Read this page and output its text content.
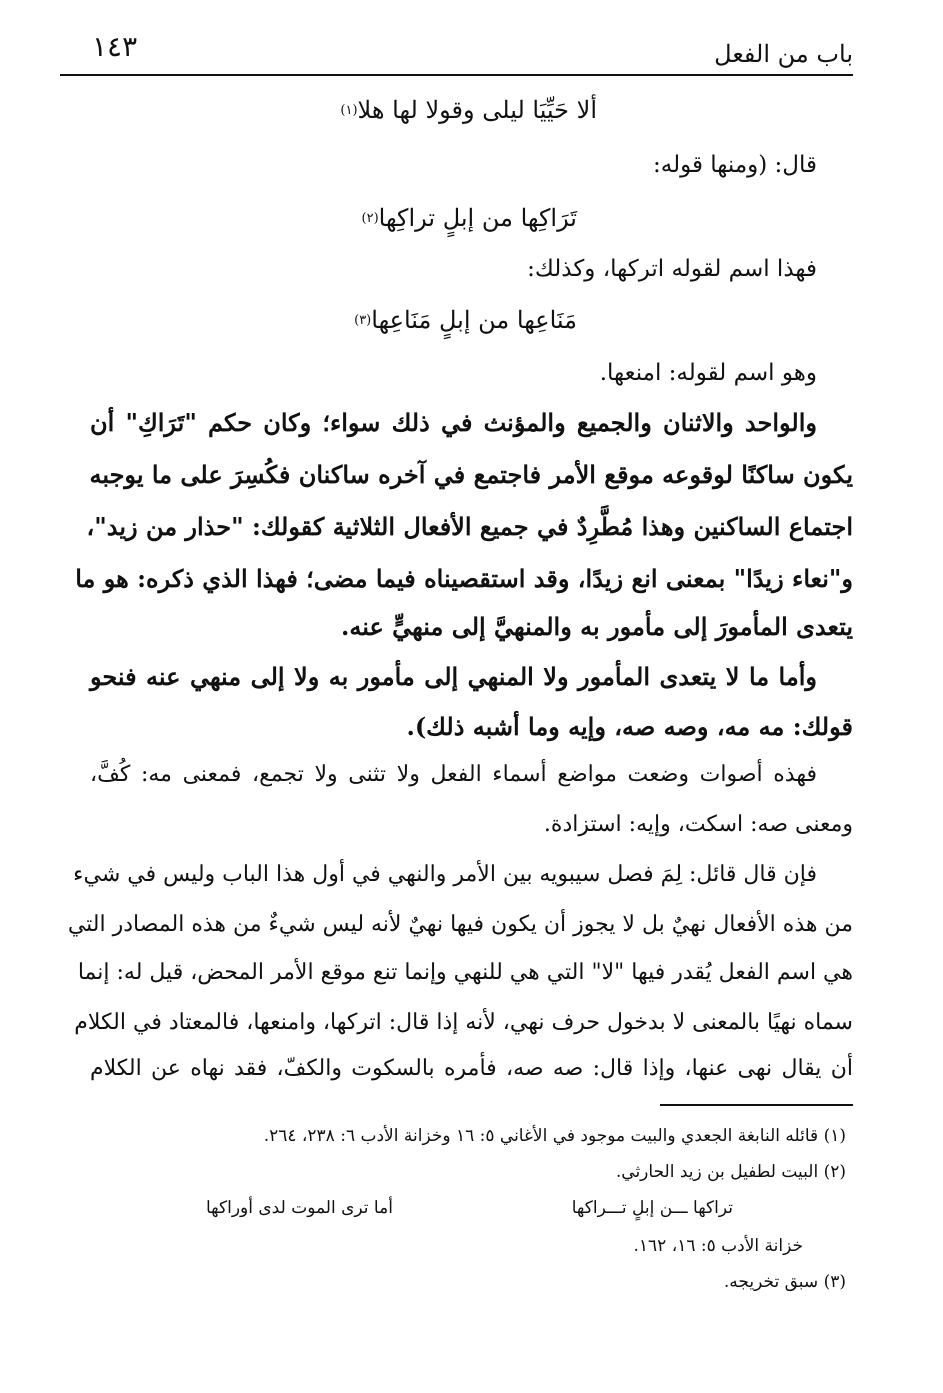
باب من الفعل
١٤٣
ألا حَيِّيَا ليلى وقولا لها هلا$^{(١)}$
قال: (ومنها قوله:
تَرَاكِها من إبلٍ تراكِها$^{(٢)}$
فهذا اسم لقوله اتركها، وكذلك:
مَنَاعِها من إبلٍ مَنَاعِها$^{(٣)}$
وهو اسم لقوله: امنعها.
والواحد والاثنان والجميع والمؤنث في ذلك سواء؛ وكان حكم "تَرَاكِ" أن
يكون ساكنًا لوقوعه موقع الأمر فاجتمع في آخره ساكنان فكُسِرَ على ما يوجبه
اجتماع الساكنين وهذا مُطَّرِدٌ في جميع الأفعال الثلاثية كقولك: "حذار من زيد"،
و"نعاء زيدًا" بمعنى انع زيدًا، وقد استقصيناه فيما مضى؛ فهذا الذي ذكره: هو ما
يتعدى المأمورَ إلى مأمور به والمنهيَّ إلى منهيٍّ عنه.
وأما ما لا يتعدى المأمور ولا المنهي إلى مأمور به ولا إلى منهي عنه فنحو
قولك: مه مه، وصه صه، وإيه وما أشبه ذلك).
فهذه أصوات وضعت مواضع أسماء الفعل ولا تثنى ولا تجمع، فمعنى مه: كُفَّ،
ومعنى صه: اسكت، وإيه: استزادة.
فإن قال قائل: لِمَ فصل سيبويه بين الأمر والنهي في أول هذا الباب وليس في شيء
من هذه الأفعال نهيٌ بل لا يجوز أن يكون فيها نهيٌ لأنه ليس شيءٌ من هذه المصادر التي
هي اسم الفعل يُقدر فيها "لا" التي هي للنهي وإنما تنع موقع الأمر المحض، قيل له: إنما
سماه نهيًا بالمعنى لا بدخول حرف نهي، لأنه إذا قال: اتركها، وامنعها، فالمعتاد في الكلام
أن يقال نهى عنها، وإذا قال: صه صه، فأمره بالسكوت والكفّ، فقد نهاه عن الكلام
(١) قائله النابغة الجعدي والبيت موجود في الأغاني ٥: ١٦ وخزانة الأدب ٦: ٢٣٨، ٢٦٤.
(٢) البيت لطفيل بن زيد الحارثي.
تراكها ـــن إبلٍ تـــراكها
أما ترى الموت لدى أوراكها
خزانة الأدب ٥: ١٦، ١٦٢.
(٣) سبق تخريجه.
